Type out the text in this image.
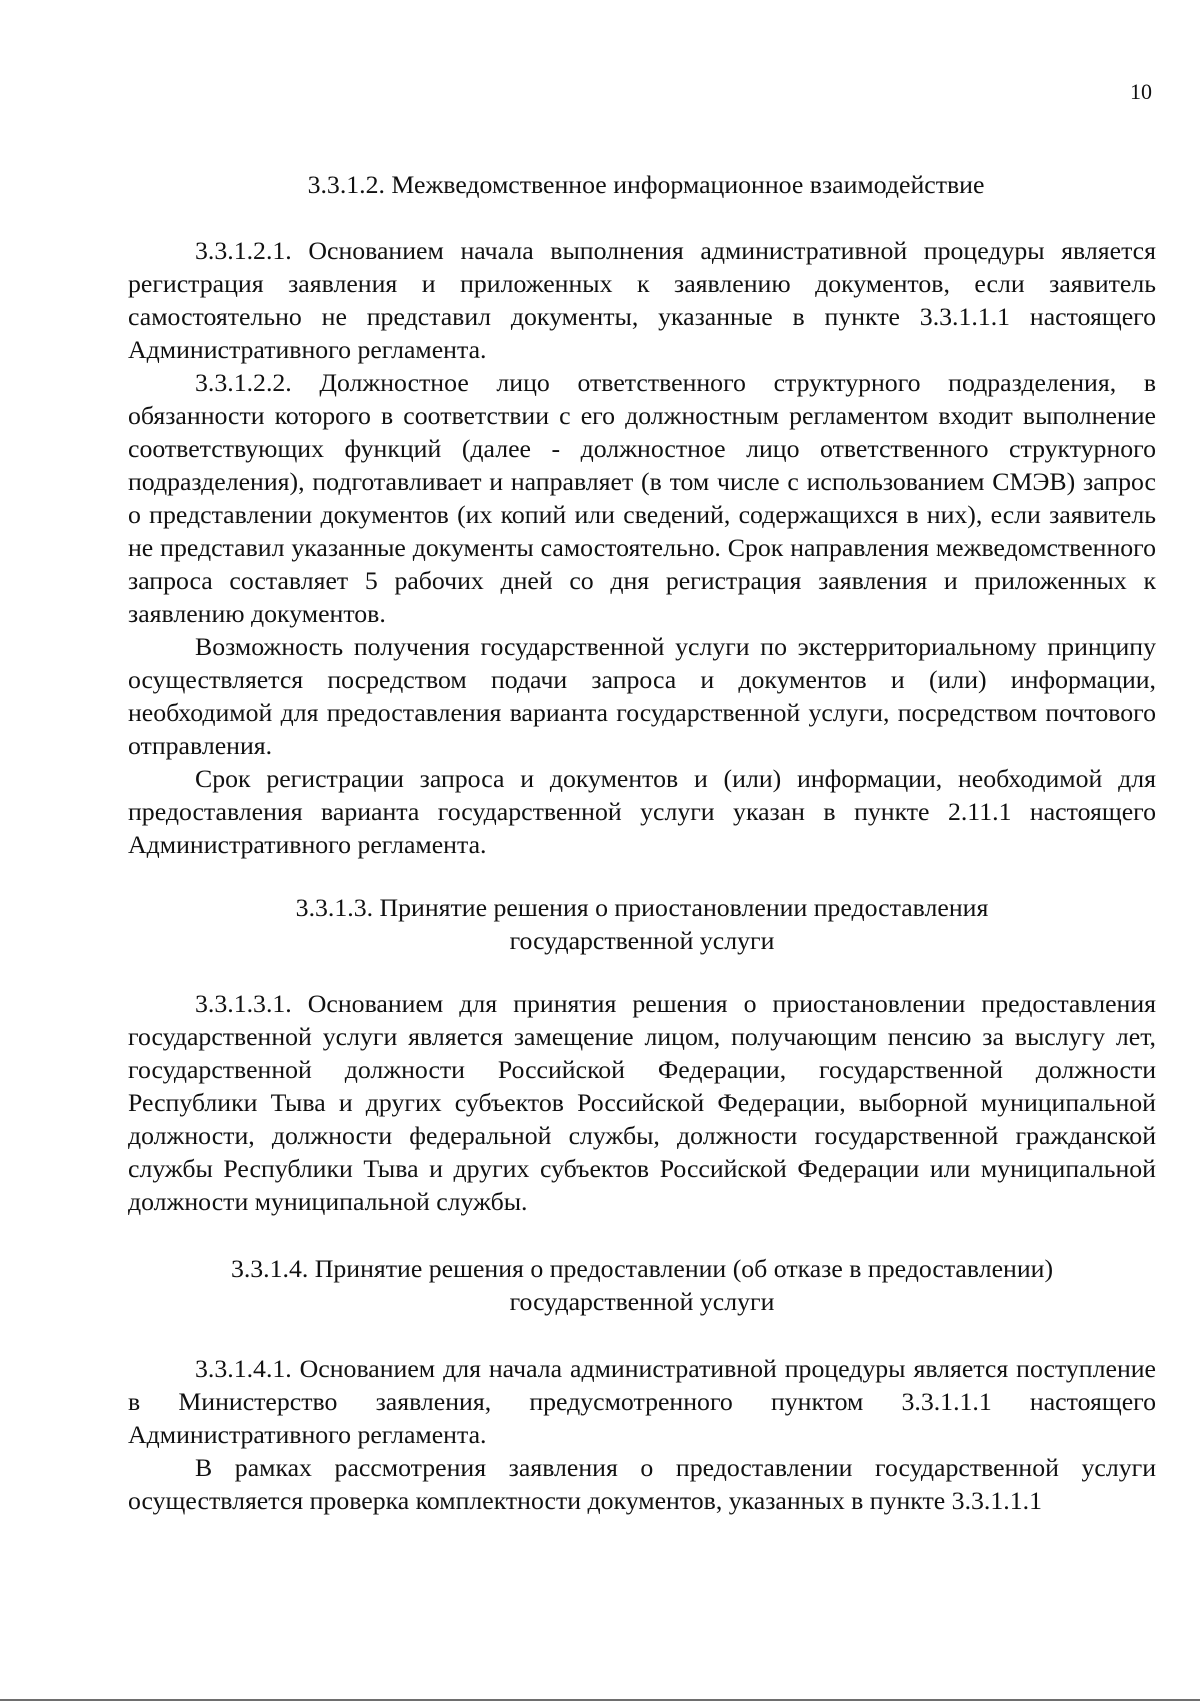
10

3.3.1.2. Межведомственное информационное взаимодействие

3.3.1.2.1. Основанием начала выполнения административной процедуры является регистрация заявления и приложенных к заявлению документов, если заявитель самостоятельно не представил документы, указанные в пункте 3.3.1.1.1 настоящего Административного регламента.

3.3.1.2.2. Должностное лицо ответственного структурного подразделения, в обязанности которого в соответствии с его должностным регламентом входит выполнение соответствующих функций (далее - должностное лицо ответственного структурного подразделения), подготавливает и направляет (в том числе с использованием СМЭВ) запрос о представлении документов (их копий или сведений, содержащихся в них), если заявитель не представил указанные документы самостоятельно. Срок направления межведомственного запроса составляет 5 рабочих дней со дня регистрация заявления и приложенных к заявлению документов.

Возможность получения государственной услуги по экстерриториальному принципу осуществляется посредством подачи запроса и документов и (или) информации, необходимой для предоставления варианта государственной услуги, посредством почтового отправления.

Срок регистрации запроса и документов и (или) информации, необходимой для предоставления варианта государственной услуги указан в пункте 2.11.1 настоящего Административного регламента.

3.3.1.3. Принятие решения о приостановлении предоставления
государственной услуги

3.3.1.3.1. Основанием для принятия решения о приостановлении предоставления государственной услуги является замещение лицом, получающим пенсию за выслугу лет, государственной должности Российской Федерации, государственной должности Республики Тыва и других субъектов Российской Федерации, выборной муниципальной должности, должности федеральной службы, должности государственной гражданской службы Республики Тыва и других субъектов Российской Федерации или муниципальной должности муниципальной службы.

3.3.1.4. Принятие решения о предоставлении (об отказе в предоставлении)
государственной услуги

3.3.1.4.1. Основанием для начала административной процедуры является поступление в Министерство заявления, предусмотренного пунктом 3.3.1.1.1 настоящего Административного регламента.

В рамках рассмотрения заявления о предоставлении государственной услуги осуществляется проверка комплектности документов, указанных в пункте 3.3.1.1.1
